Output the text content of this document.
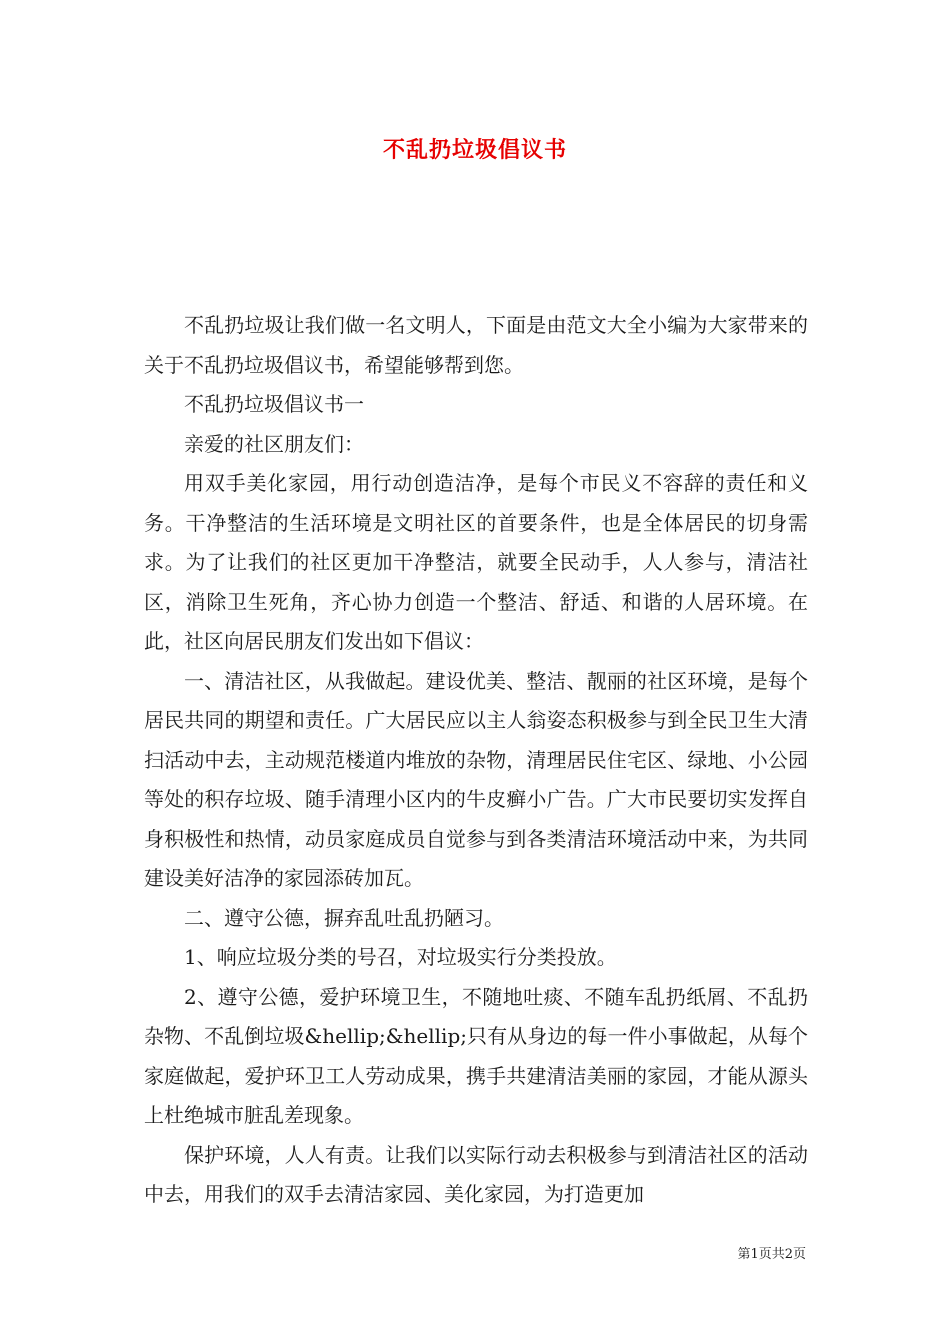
不乱扔垃圾倡议书

不乱扔垃圾让我们做一名文明人，下面是由范文大全小编为大家带来的关于不乱扔垃圾倡议书，希望能够帮到您。

不乱扔垃圾倡议书一

亲爱的社区朋友们：

用双手美化家园，用行动创造洁净，是每个市民义不容辞的责任和义务。干净整洁的生活环境是文明社区的首要条件，也是全体居民的切身需求。为了让我们的社区更加干净整洁，就要全民动手，人人参与，清洁社区，消除卫生死角，齐心协力创造一个整洁、舒适、和谐的人居环境。在此，社区向居民朋友们发出如下倡议：

一、清洁社区，从我做起。建设优美、整洁、靓丽的社区环境，是每个居民共同的期望和责任。广大居民应以主人翁姿态积极参与到全民卫生大清扫活动中去，主动规范楼道内堆放的杂物，清理居民住宅区、绿地、小公园等处的积存垃圾、随手清理小区内的牛皮癣小广告。广大市民要切实发挥自身积极性和热情，动员家庭成员自觉参与到各类清洁环境活动中来，为共同建设美好洁净的家园添砖加瓦。

二、遵守公德，摒弃乱吐乱扔陋习。

1、响应垃圾分类的号召，对垃圾实行分类投放。

2、遵守公德，爱护环境卫生，不随地吐痰、不随车乱扔纸屑、不乱扔杂物、不乱倒垃圾&hellip;&hellip;只有从身边的每一件小事做起，从每个家庭做起，爱护环卫工人劳动成果，携手共建清洁美丽的家园，才能从源头上杜绝城市脏乱差现象。

保护环境，人人有责。让我们以实际行动去积极参与到清洁社区的活动中去，用我们的双手去清洁家园、美化家园，为打造更加

第1页共2页
